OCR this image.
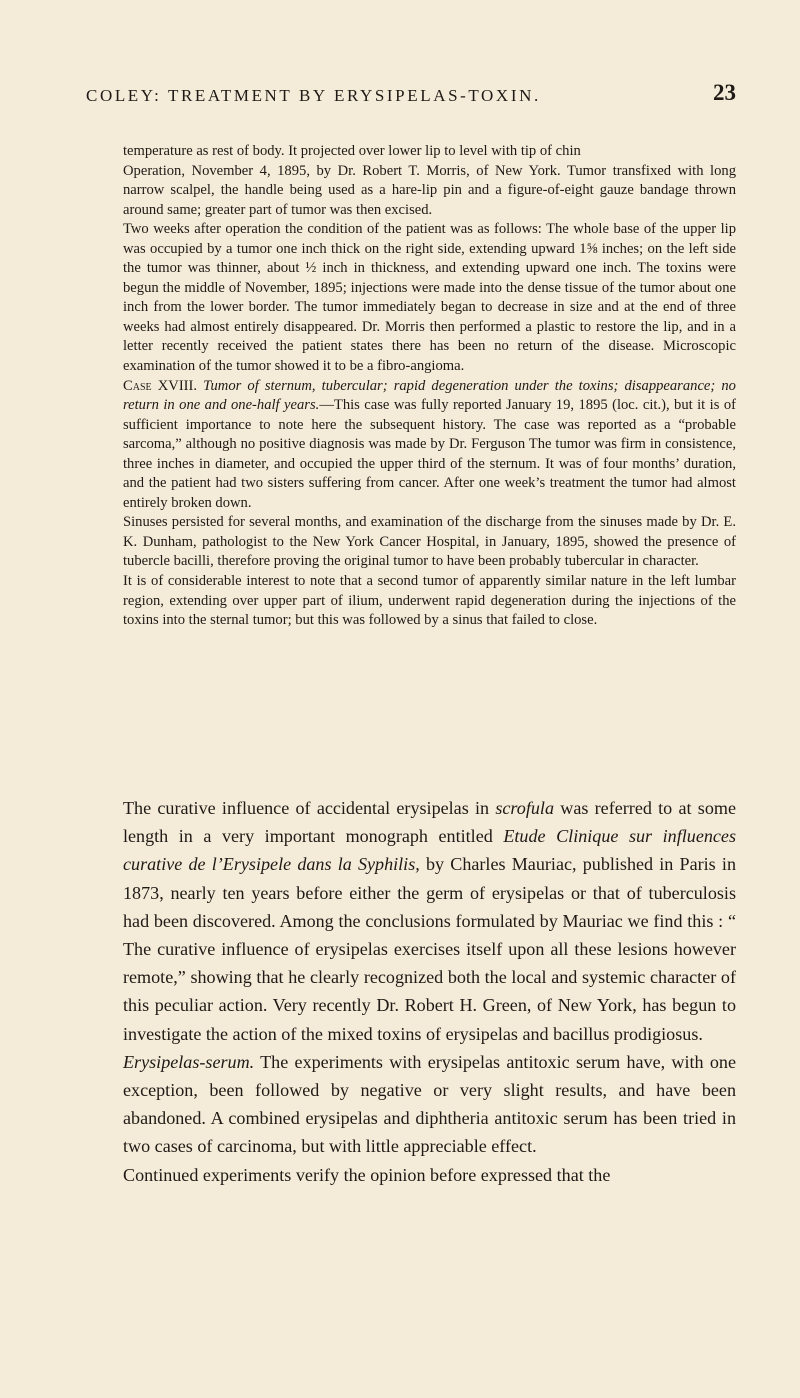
COLEY: TREATMENT BY ERYSIPELAS-TOXIN.	23

temperature as rest of body. It projected over lower lip to level with tip of chin

Operation, November 4, 1895, by Dr. Robert T. Morris, of New York. Tumor transfixed with long narrow scalpel, the handle being used as a hare-lip pin and a figure-of-eight gauze bandage thrown around same; greater part of tumor was then excised.

Two weeks after operation the condition of the patient was as follows: The whole base of the upper lip was occupied by a tumor one inch thick on the right side, extending upward 1⅝ inches; on the left side the tumor was thinner, about ½ inch in thickness, and extending upward one inch. The toxins were begun the middle of November, 1895; injections were made into the dense tissue of the tumor about one inch from the lower border. The tumor immediately began to decrease in size and at the end of three weeks had almost entirely disappeared. Dr. Morris then performed a plastic to restore the lip, and in a letter recently received the patient states there has been no return of the disease. Microscopic examination of the tumor showed it to be a fibro-angioma.

Case XVIII. Tumor of sternum, tubercular; rapid degeneration under the toxins; disappearance; no return in one and one-half years.—This case was fully reported January 19, 1895 (loc. cit.), but it is of sufficient importance to note here the subsequent history. The case was reported as a “probable sarcoma,” although no positive diagnosis was made by Dr. Ferguson The tumor was firm in consistence, three inches in diameter, and occupied the upper third of the sternum. It was of four months’ duration, and the patient had two sisters suffering from cancer. After one week’s treatment the tumor had almost entirely broken down.

Sinuses persisted for several months, and examination of the discharge from the sinuses made by Dr. E. K. Dunham, pathologist to the New York Cancer Hospital, in January, 1895, showed the presence of tubercle bacilli, therefore proving the original tumor to have been probably tubercular in character.

It is of considerable interest to note that a second tumor of apparently similar nature in the left lumbar region, extending over upper part of ilium, underwent rapid degeneration during the injections of the toxins into the sternal tumor; but this was followed by a sinus that failed to close.

The curative influence of accidental erysipelas in scrofula was referred to at some length in a very important monograph entitled Etude Clinique sur influences curative de l’Erysipele dans la Syphilis, by Charles Mauriac, published in Paris in 1873, nearly ten years before either the germ of erysipelas or that of tuberculosis had been discovered. Among the conclusions formulated by Mauriac we find this : “ The curative influence of erysipelas exercises itself upon all these lesions however remote,” showing that he clearly recognized both the local and systemic character of this peculiar action. Very recently Dr. Robert H. Green, of New York, has begun to investigate the action of the mixed toxins of erysipelas and bacillus prodigiosus.

Erysipelas-serum. The experiments with erysipelas antitoxic serum have, with one exception, been followed by negative or very slight results, and have been abandoned. A combined erysipelas and diphtheria antitoxic serum has been tried in two cases of carcinoma, but with little appreciable effect.

Continued experiments verify the opinion before expressed that the
